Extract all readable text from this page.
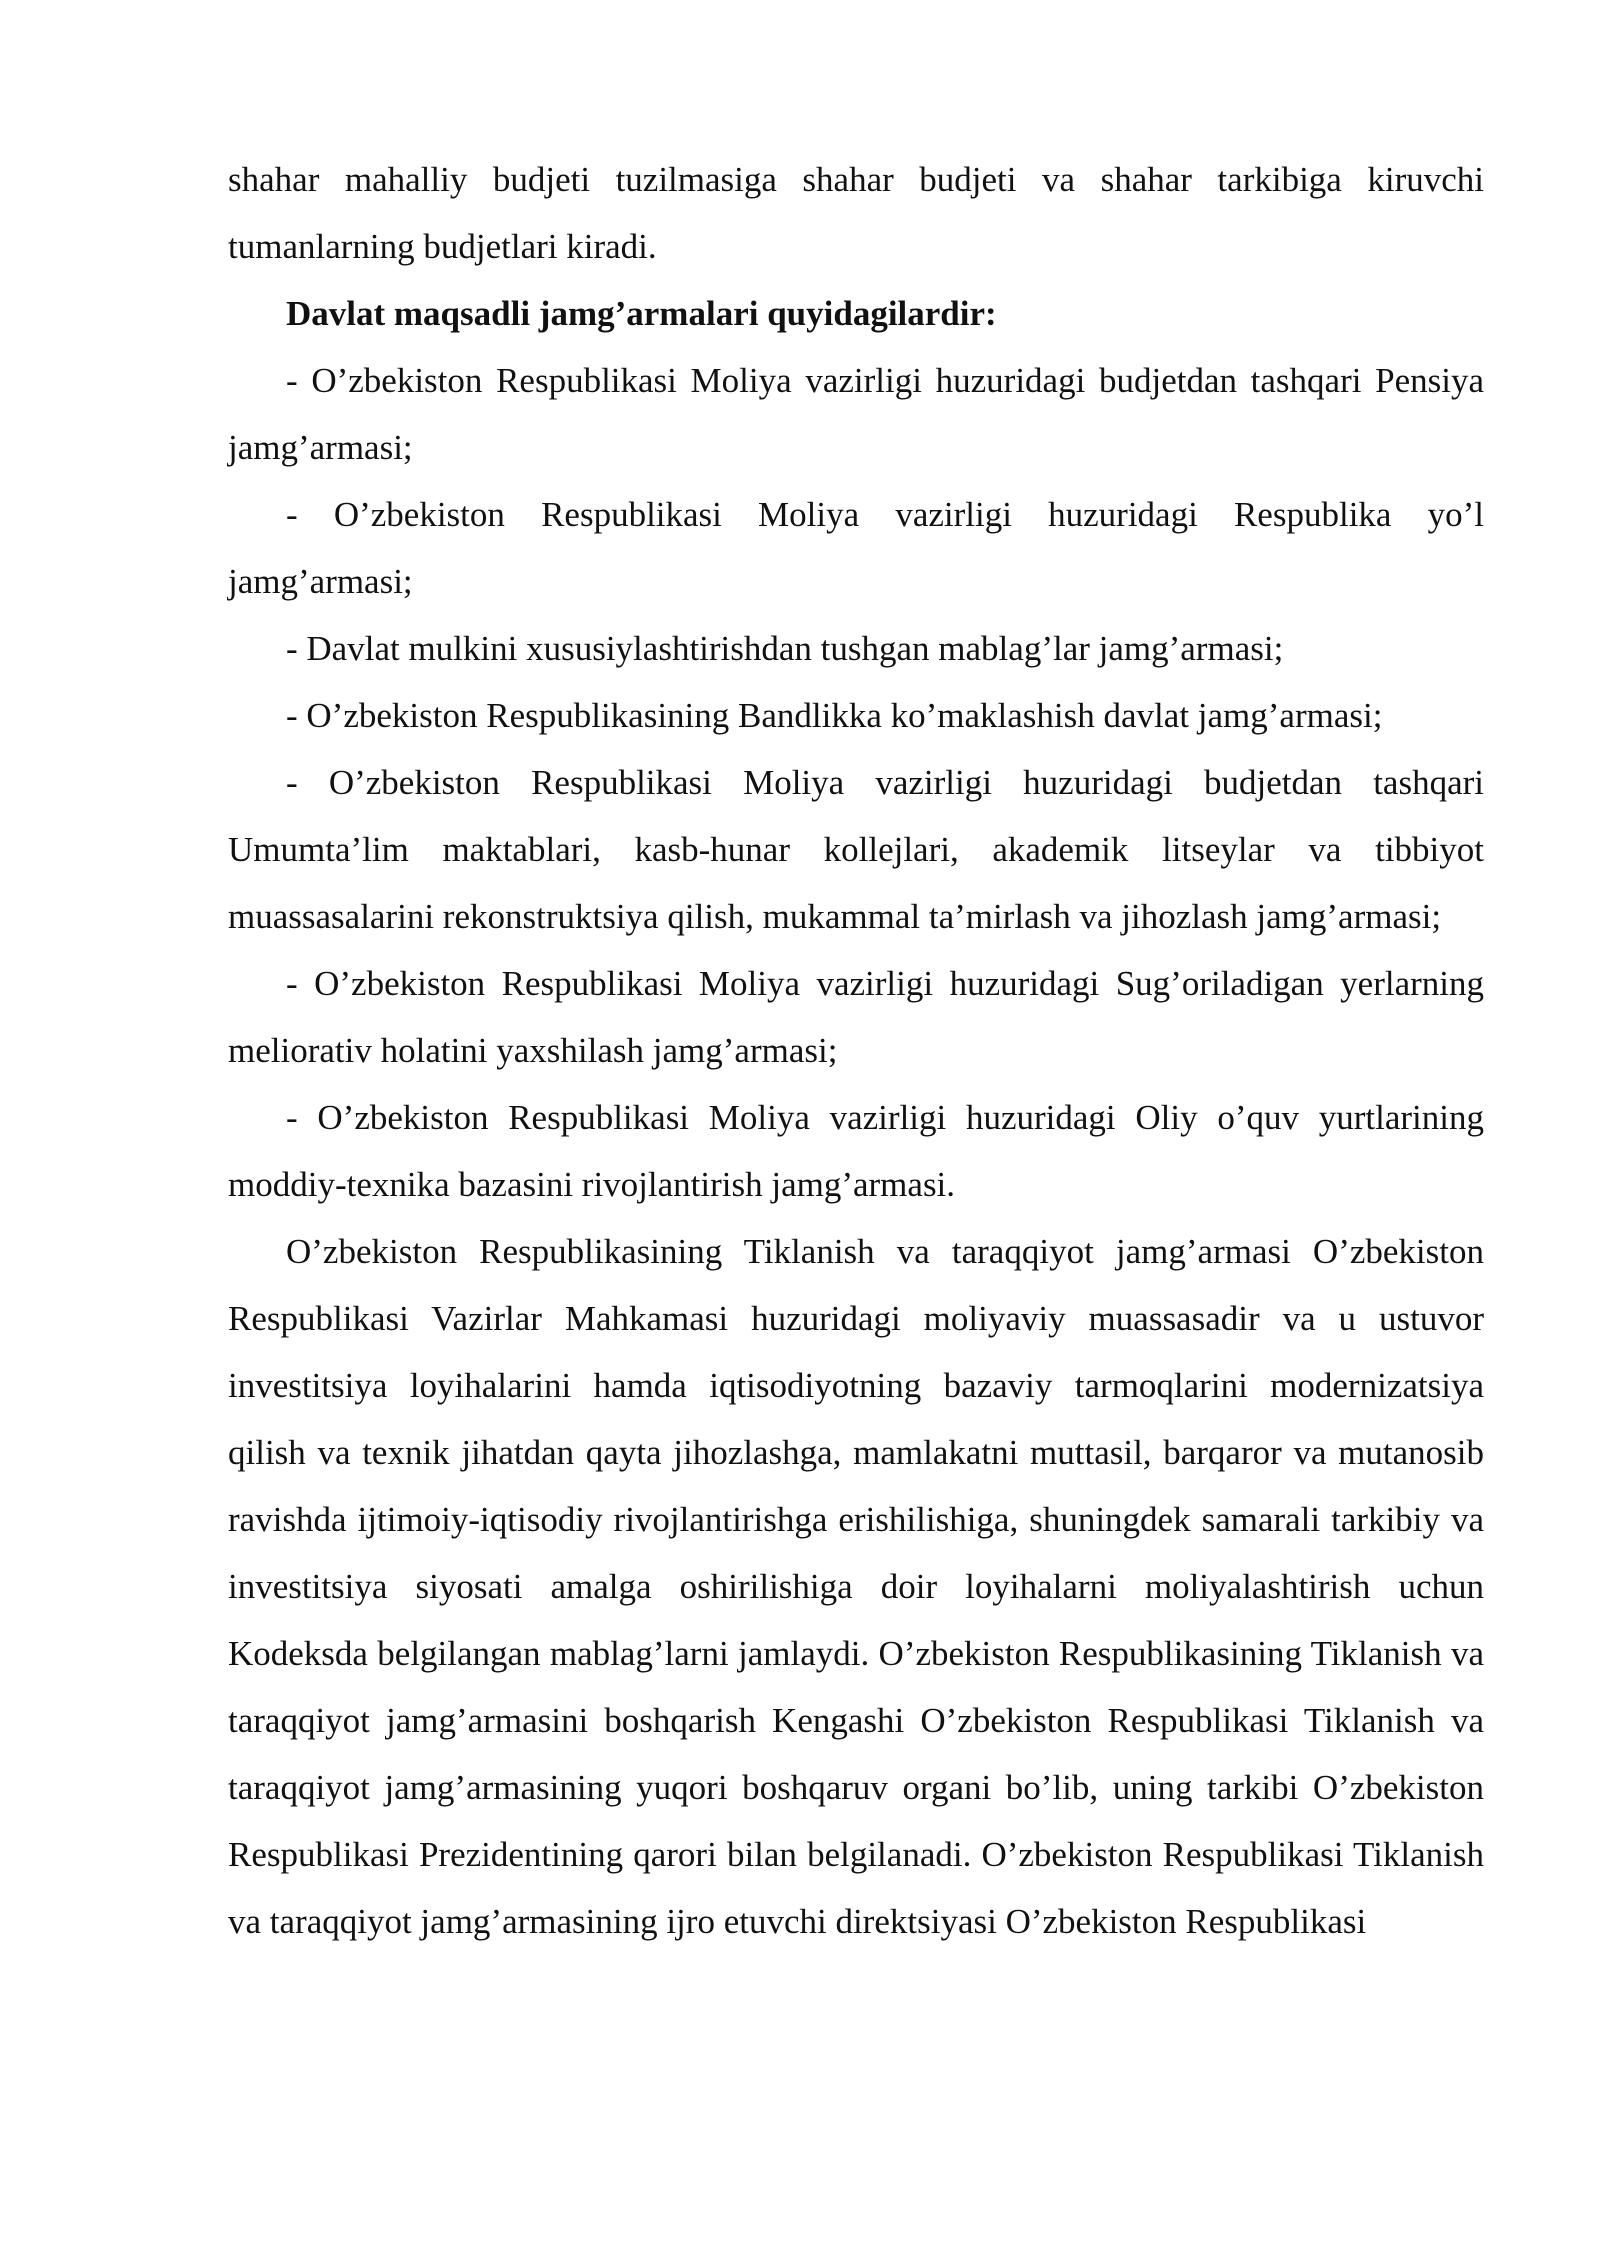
shahar mahalliy budjeti tuzilmasiga shahar budjeti va shahar tarkibiga kiruvchi tumanlarning budjetlari kiradi.

Davlat maqsadli jamg’armalari quyidagilardir:

- O’zbekiston Respublikasi Moliya vazirligi huzuridagi budjetdan tashqari Pensiya jamg’armasi;

- O’zbekiston Respublikasi Moliya vazirligi huzuridagi Respublika yo’l jamg’armasi;

- Davlat mulkini xususiylashtirishdan tushgan mablag’lar jamg’armasi;

- O’zbekiston Respublikasining Bandlikka ko’maklashish davlat jamg’armasi;

- O’zbekiston Respublikasi Moliya vazirligi huzuridagi budjetdan tashqari Umumta’lim maktablari, kasb-hunar kollejlari, akademik litseylar va tibbiyot muassasalarini rekonstruktsiya qilish, mukammal ta’mirlash va jihozlash jamg’armasi;

- O’zbekiston Respublikasi Moliya vazirligi huzuridagi Sug’oriladigan yerlarning meliorativ holatini yaxshilash jamg’armasi;

- O’zbekiston Respublikasi Moliya vazirligi huzuridagi Oliy o’quv yurtlarining moddiy-texnika bazasini rivojlantirish jamg’armasi.

O’zbekiston Respublikasining Tiklanish va taraqqiyot jamg’armasi O’zbekiston Respublikasi Vazirlar Mahkamasi huzuridagi moliyaviy muassasadir va u ustuvor investitsiya loyihalarini hamda iqtisodiyotning bazaviy tarmoqlarini modernizatsiya qilish va texnik jihatdan qayta jihozlashga, mamlakatni muttasil, barqaror va mutanosib ravishda ijtimoiy-iqtisodiy rivojlantirishga erishilishiga, shuningdek samarali tarkibiy va investitsiya siyosati amalga oshirilishiga doir loyihalarni moliyalashtirish uchun Kodeksda belgilangan mablag’larni jamlaydi. O’zbekiston Respublikasining Tiklanish va taraqqiyot jamg’armasini boshqarish Kengashi O’zbekiston Respublikasi Tiklanish va taraqqiyot jamg’armasining yuqori boshqaruv organi bo’lib, uning tarkibi O’zbekiston Respublikasi Prezidentining qarori bilan belgilanadi. O’zbekiston Respublikasi Tiklanish va taraqqiyot jamg’armasining ijro etuvchi direktsiyasi O’zbekiston Respublikasi
